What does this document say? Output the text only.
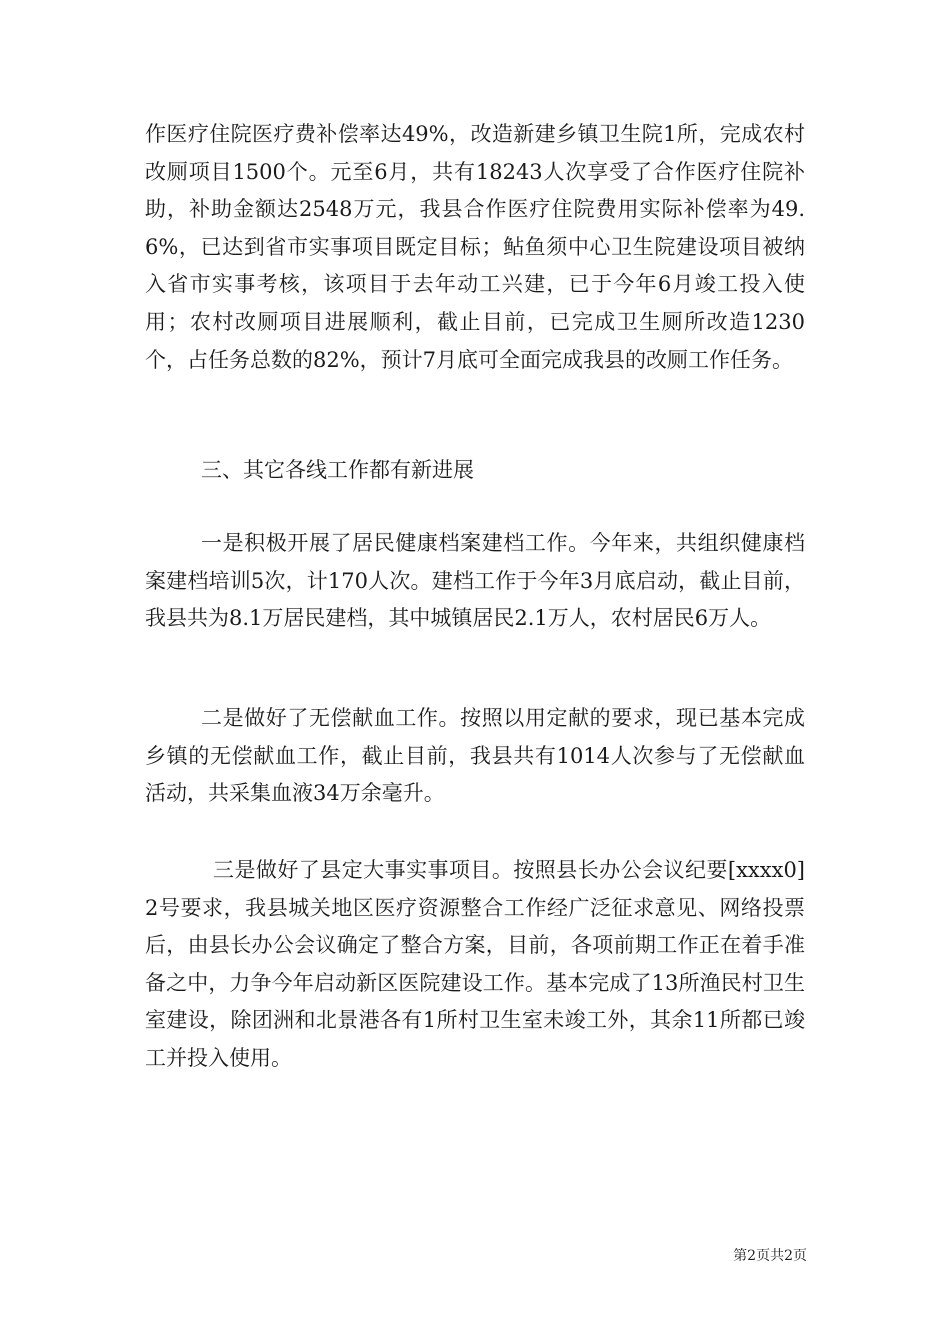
作医疗住院医疗费补偿率达49%，改造新建乡镇卫生院1所，完成农村改厕项目1500个。元至6月，共有18243人次享受了合作医疗住院补助，补助金额达2548万元，我县合作医疗住院费用实际补偿率为49.6%，已达到省市实事项目既定目标；鲇鱼须中心卫生院建设项目被纳入省市实事考核，该项目于去年动工兴建，已于今年6月竣工投入使用；农村改厕项目进展顺利，截止目前，已完成卫生厕所改造1230个，占任务总数的82%，预计7月底可全面完成我县的改厕工作任务。

三、其它各线工作都有新进展

一是积极开展了居民健康档案建档工作。今年来，共组织健康档案建档培训5次，计170人次。建档工作于今年3月底启动，截止目前，我县共为8.1万居民建档，其中城镇居民2.1万人，农村居民6万人。

二是做好了无偿献血工作。按照以用定献的要求，现已基本完成乡镇的无偿献血工作，截止目前，我县共有1014人次参与了无偿献血活动，共采集血液34万余毫升。

三是做好了县定大事实事项目。按照县长办公会议纪要[xxxx0]2号要求，我县城关地区医疗资源整合工作经广泛征求意见、网络投票后，由县长办公会议确定了整合方案，目前，各项前期工作正在着手准备之中，力争今年启动新区医院建设工作。基本完成了13所渔民村卫生室建设，除团洲和北景港各有1所村卫生室未竣工外，其余11所都已竣工并投入使用。

第2页共2页
